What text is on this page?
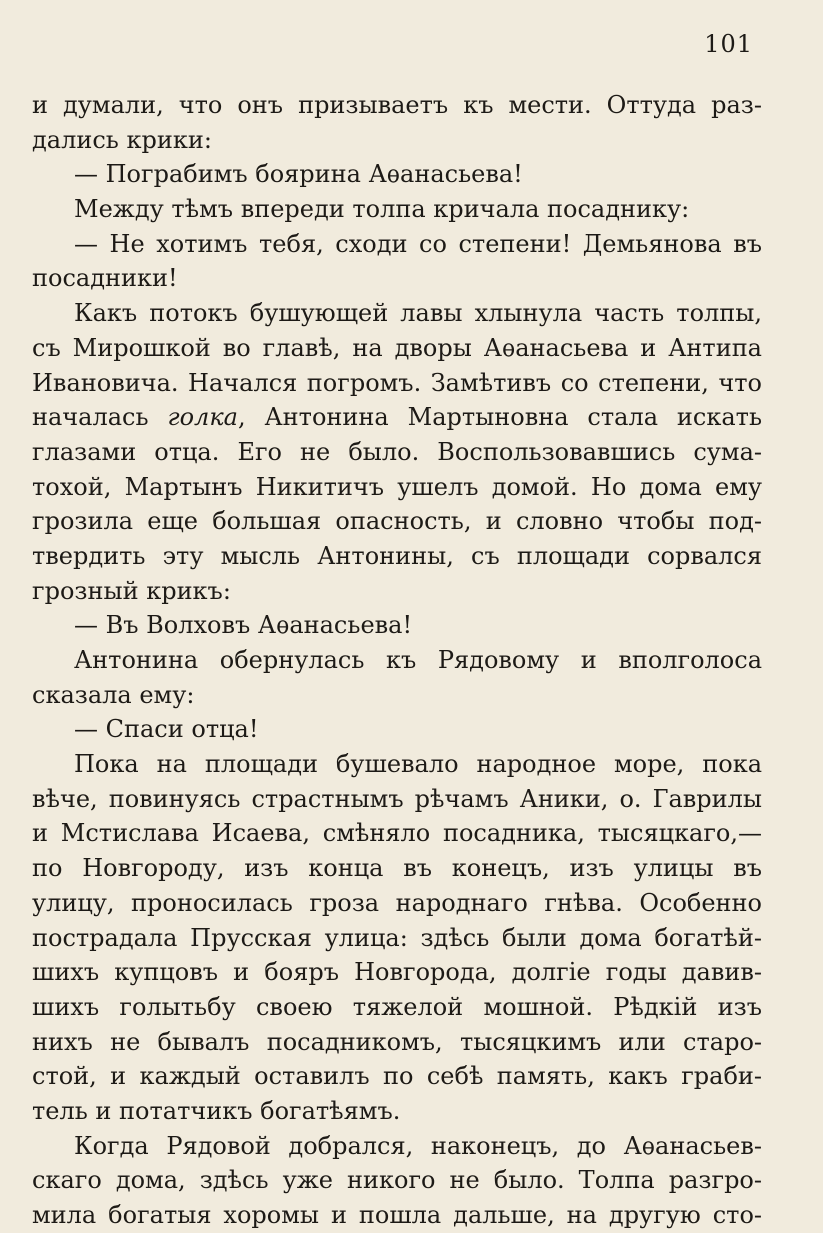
101
и думали, что онъ призываетъ къ мести. Оттуда раз-
дались крики:
— Пограбимъ боярина Аѳанасьева!
Между тѣмъ впереди толпа кричала посаднику:
— Не хотимъ тебя, сходи со степени! Демьянова въ
посадники!
Какъ потокъ бушующей лавы хлынула часть толпы,
съ Мирошкой во главѣ, на дворы Аѳанасьева и Антипа
Ивановича. Начался погромъ. Замѣтивъ со степени, что
началась голка, Антонина Мартыновна стала искать
глазами отца. Его не было. Воспользовавшись сума-
тохой, Мартынъ Никитичъ ушелъ домой. Но дома ему
грозила еще большая опасность, и словно чтобы под-
твердить эту мысль Антонины, съ площади сорвался
грозный крикъ:
— Въ Волховъ Аѳанасьева!
Антонина обернулась къ Рядовому и вполголоса
сказала ему:
— Спаси отца!
Пока на площади бушевало народное море, пока
вѣче, повинуясь страстнымъ рѣчамъ Аники, о. Гаврилы
и Мстислава Исаева, смѣняло посадника, тысяцкаго,—
по Новгороду, изъ конца въ конецъ, изъ улицы въ
улицу, проносилась гроза народнаго гнѣва. Особенно
пострадала Прусская улица: здѣсь были дома богатѣй-
шихъ купцовъ и бояръ Новгорода, долгіе годы давив-
шихъ голытьбу своею тяжелой мошной. Рѣдкій изъ
нихъ не бывалъ посадникомъ, тысяцкимъ или старо-
стой, и каждый оставилъ по себѣ память, какъ граби-
тель и потатчикъ богатѣямъ.
Когда Рядовой добрался, наконецъ, до Аѳанасьев-
скаго дома, здѣсь уже никого не было. Толпа разгро-
мила богатыя хоромы и пошла дальше, на другую сто-
